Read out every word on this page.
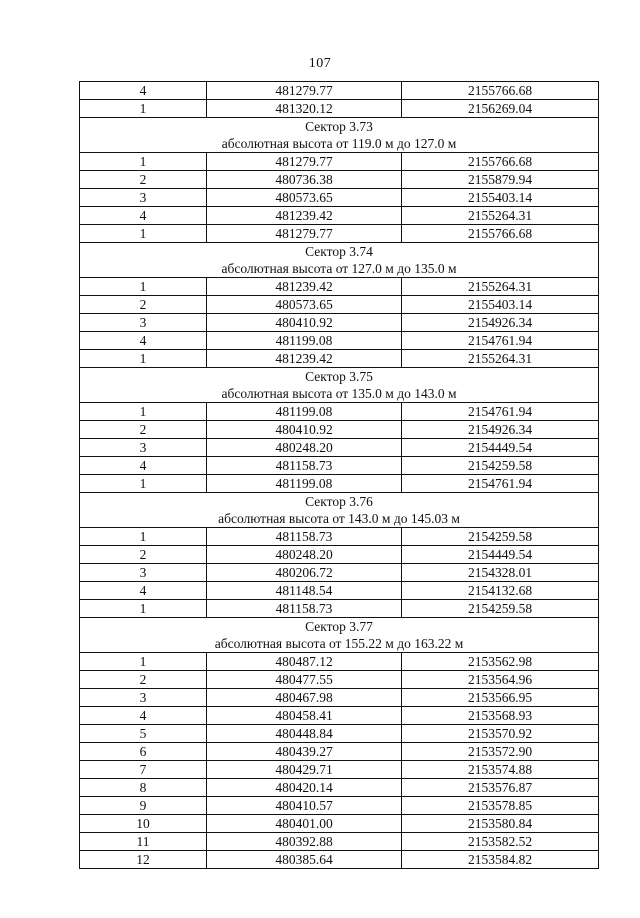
107
4	481279.77	2155766.68
1	481320.12	2156269.04
Сектор 3.73		
абсолютная высота от 119.0 м до 127.0 м		
1	481279.77	2155766.68
2	480736.38	2155879.94
3	480573.65	2155403.14
4	481239.42	2155264.31
1	481279.77	2155766.68
Сектор 3.74		
абсолютная высота от 127.0 м до 135.0 м		
1	481239.42	2155264.31
2	480573.65	2155403.14
3	480410.92	2154926.34
4	481199.08	2154761.94
1	481239.42	2155264.31
Сектор 3.75		
абсолютная высота от 135.0 м до 143.0 м		
1	481199.08	2154761.94
2	480410.92	2154926.34
3	480248.20	2154449.54
4	481158.73	2154259.58
1	481199.08	2154761.94
Сектор 3.76		
абсолютная высота от 143.0 м до 145.03 м		
1	481158.73	2154259.58
2	480248.20	2154449.54
3	480206.72	2154328.01
4	481148.54	2154132.68
1	481158.73	2154259.58
Сектор 3.77		
абсолютная высота от 155.22 м до 163.22 м		
1	480487.12	2153562.98
2	480477.55	2153564.96
3	480467.98	2153566.95
4	480458.41	2153568.93
5	480448.84	2153570.92
6	480439.27	2153572.90
7	480429.71	2153574.88
8	480420.14	2153576.87
9	480410.57	2153578.85
10	480401.00	2153580.84
11	480392.88	2153582.52
12	480385.64	2153584.82
